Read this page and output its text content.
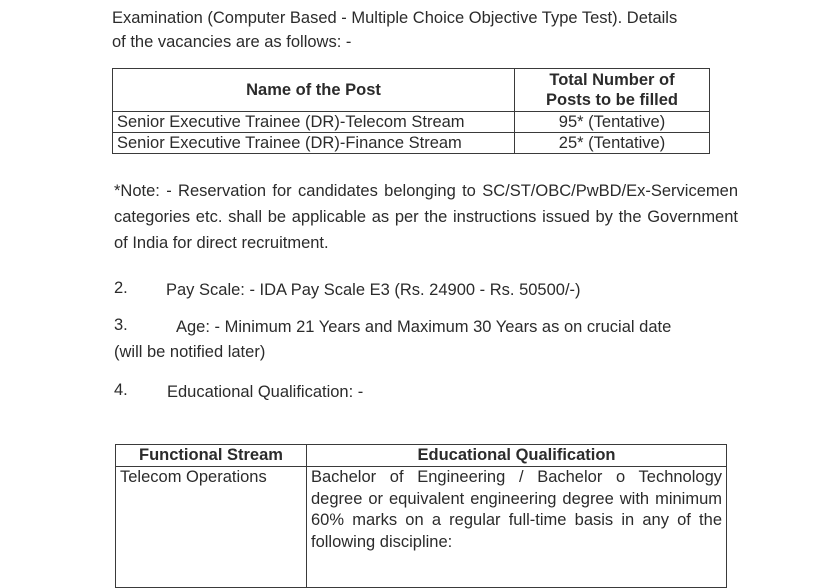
Examination (Computer Based - Multiple Choice Objective Type Test). Details
of the vacancies are as follows: -
Name of the Post	Total Number of
Posts to be filled

Senior Executive Trainee (DR)-Telecom Stream	95* (Tentative)
Senior Executive Trainee (DR)-Finance Stream	25* (Tentative)
*Note: - Reservation for candidates belonging to SC/ST/OBC/PwBD/Ex-Servicemen categories etc. shall be applicable as per the instructions issued by the Government of India for direct recruitment.
2. Pay Scale: - IDA Pay Scale E3 (Rs. 24900 - Rs. 50500/-)
3.	Age: - Minimum 21 Years and Maximum 30 Years as on crucial date
(will be notified later)
4. Educational Qualification: -
Functional Stream	Educational Qualification
Telecom Operations	Bachelor of Engineering / Bachelor o Technology degree or equivalent engineering degree with minimum 60% marks on a regular full-time basis in any of the following discipline:
